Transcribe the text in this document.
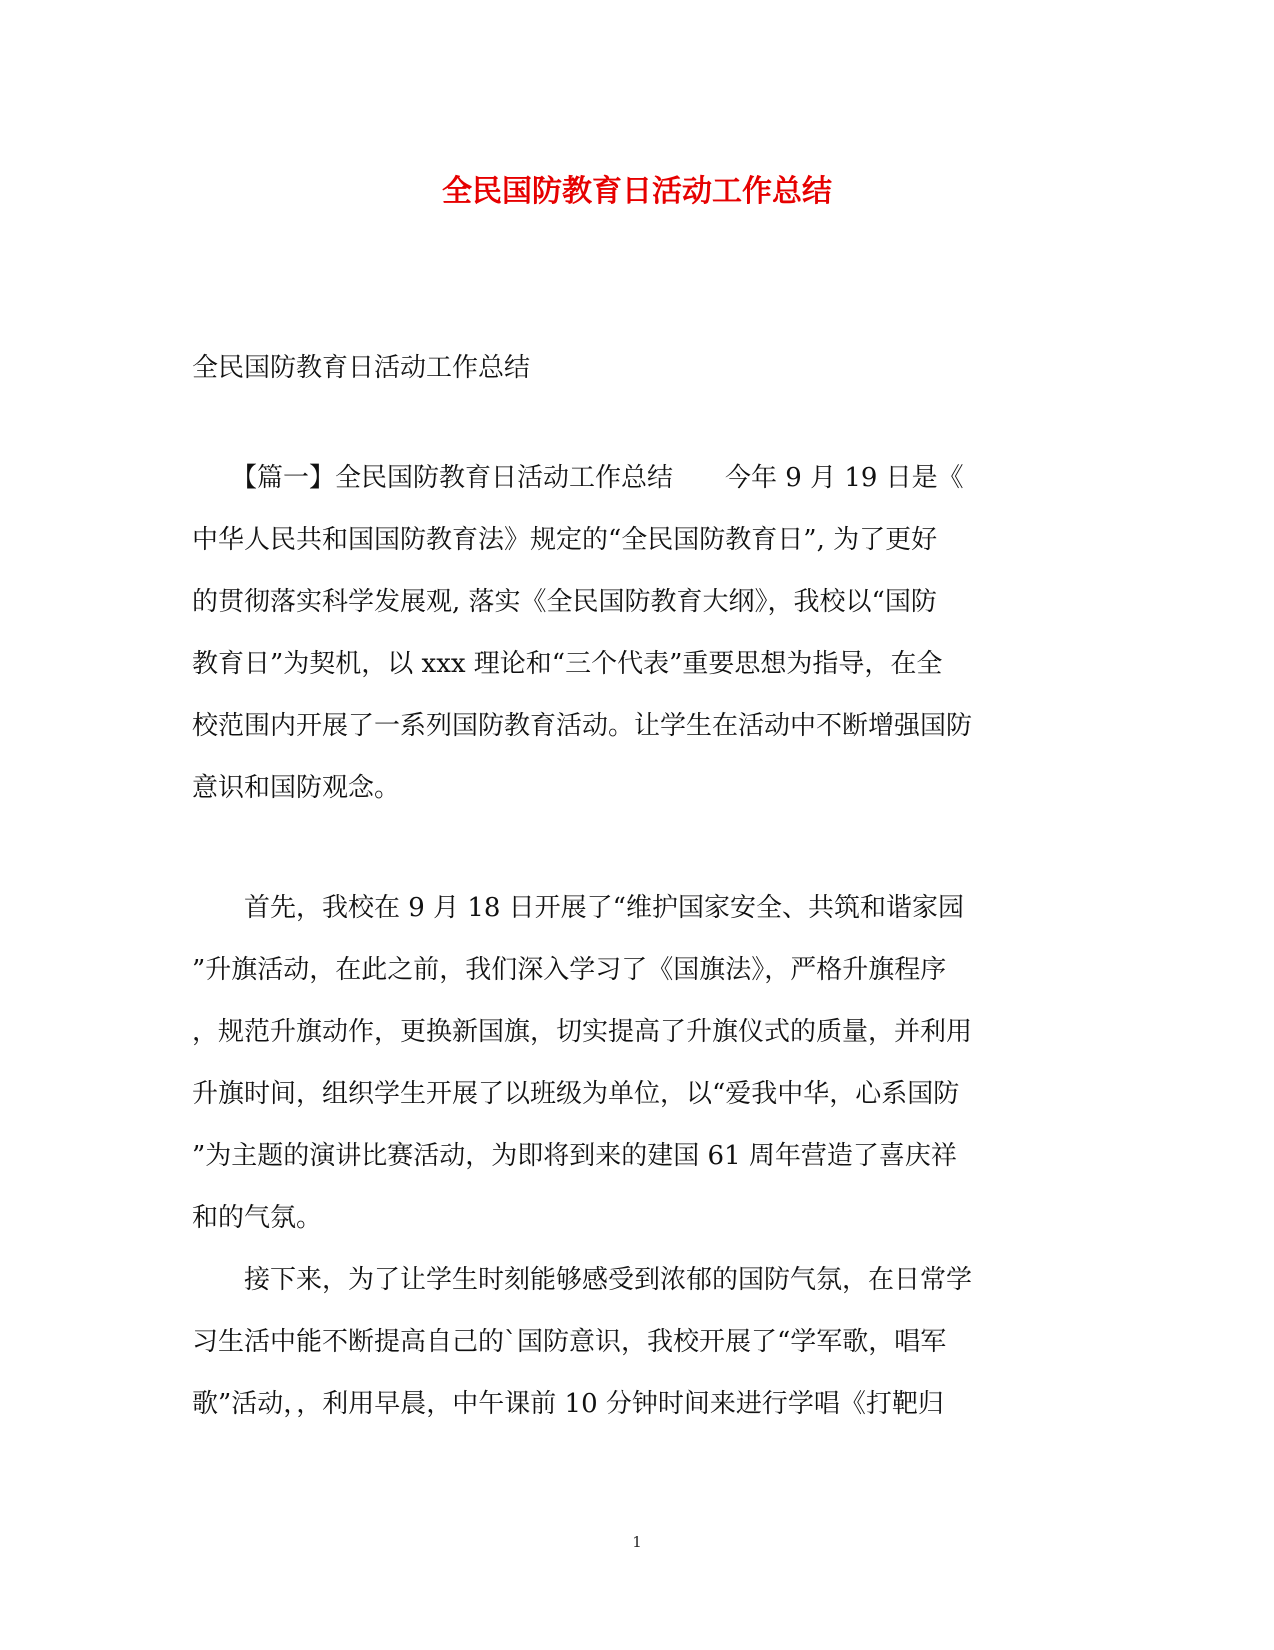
全民国防教育日活动工作总结

全民国防教育日活动工作总结

　　【篇一】全民国防教育日活动工作总结　　今年 9 月 19 日是《

中华人民共和国国防教育法》规定的“全民国防教育日”, 为了更好

的贯彻落实科学发展观, 落实《全民国防教育大纲》，我校以“国防

教育日”为契机，以 xxx 理论和“三个代表”重要思想为指导，在全

校范围内开展了一系列国防教育活动。让学生在活动中不断增强国防

意识和国防观念。

　　首先，我校在 9 月 18 日开展了“维护国家安全、共筑和谐家园

”升旗活动，在此之前，我们深入学习了《国旗法》，严格升旗程序

，规范升旗动作，更换新国旗，切实提高了升旗仪式的质量，并利用

升旗时间，组织学生开展了以班级为单位，以“爱我中华，心系国防

”为主题的演讲比赛活动，为即将到来的建国 61 周年营造了喜庆祥

和的气氛。

　　接下来，为了让学生时刻能够感受到浓郁的国防气氛，在日常学

习生活中能不断提高自己的`国防意识，我校开展了“学军歌，唱军

歌”活动，，利用早晨，中午课前 10 分钟时间来进行学唱《打靶归

1
